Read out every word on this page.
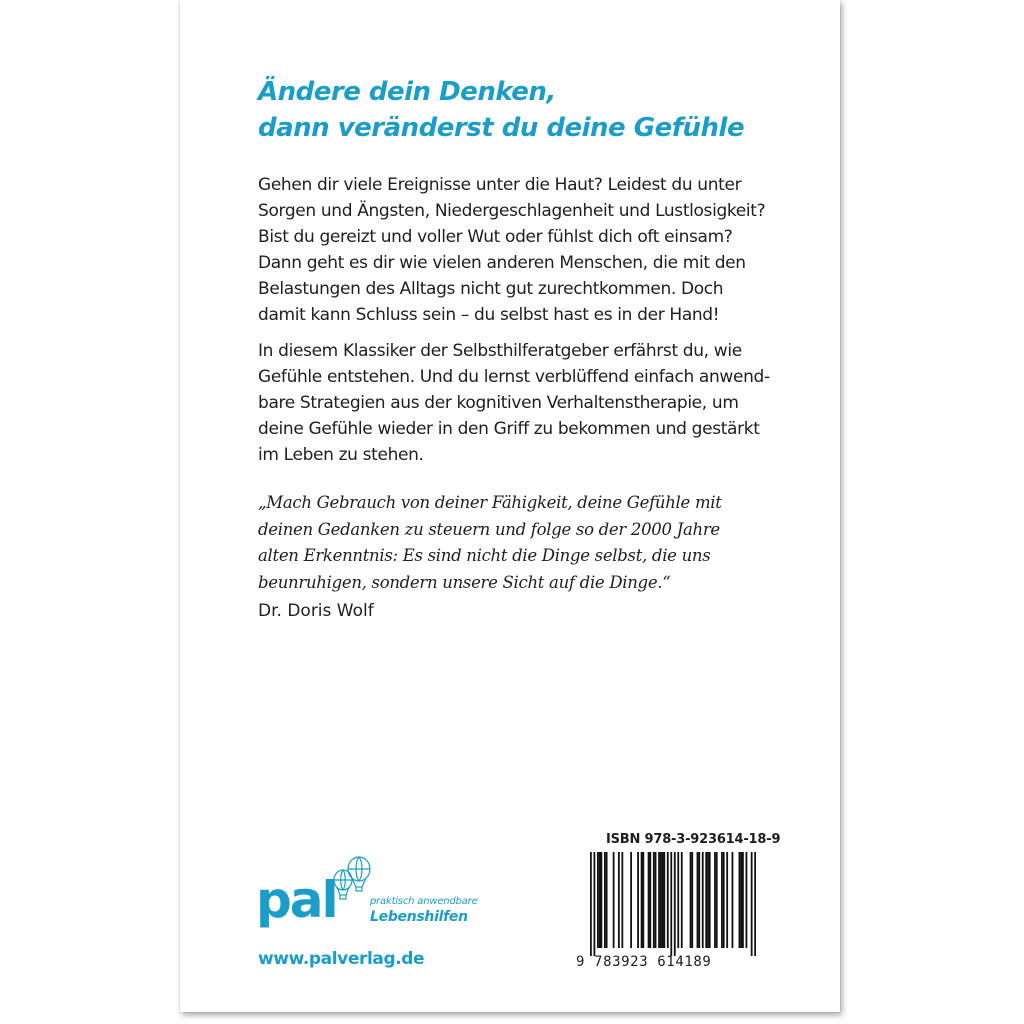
Ändere dein Denken,
dann veränderst du deine Gefühle

Gehen dir viele Ereignisse unter die Haut? Leidest du unter
Sorgen und Ängsten, Niedergeschlagenheit und Lustlosigkeit?
Bist du gereizt und voller Wut oder fühlst dich oft einsam?
Dann geht es dir wie vielen anderen Menschen, die mit den
Belastungen des Alltags nicht gut zurechtkommen. Doch
damit kann Schluss sein – du selbst hast es in der Hand!

In diesem Klassiker der Selbsthilferatgeber erfährst du, wie
Gefühle entstehen. Und du lernst verblüffend einfach anwend-
bare Strategien aus der kognitiven Verhaltenstherapie, um
deine Gefühle wieder in den Griff zu bekommen und gestärkt
im Leben zu stehen.

„Mach Gebrauch von deiner Fähigkeit, deine Gefühle mit
deinen Gedanken zu steuern und folge so der 2000 Jahre
alten Erkenntnis: Es sind nicht die Dinge selbst, die uns
beunruhigen, sondern unsere Sicht auf die Dinge.“

Dr. Doris Wolf

pal	praktisch anwendbare
Lebenshilfen
www.palverlag.de
ISBN 978-3-923614-18-9
9 783923 614189
